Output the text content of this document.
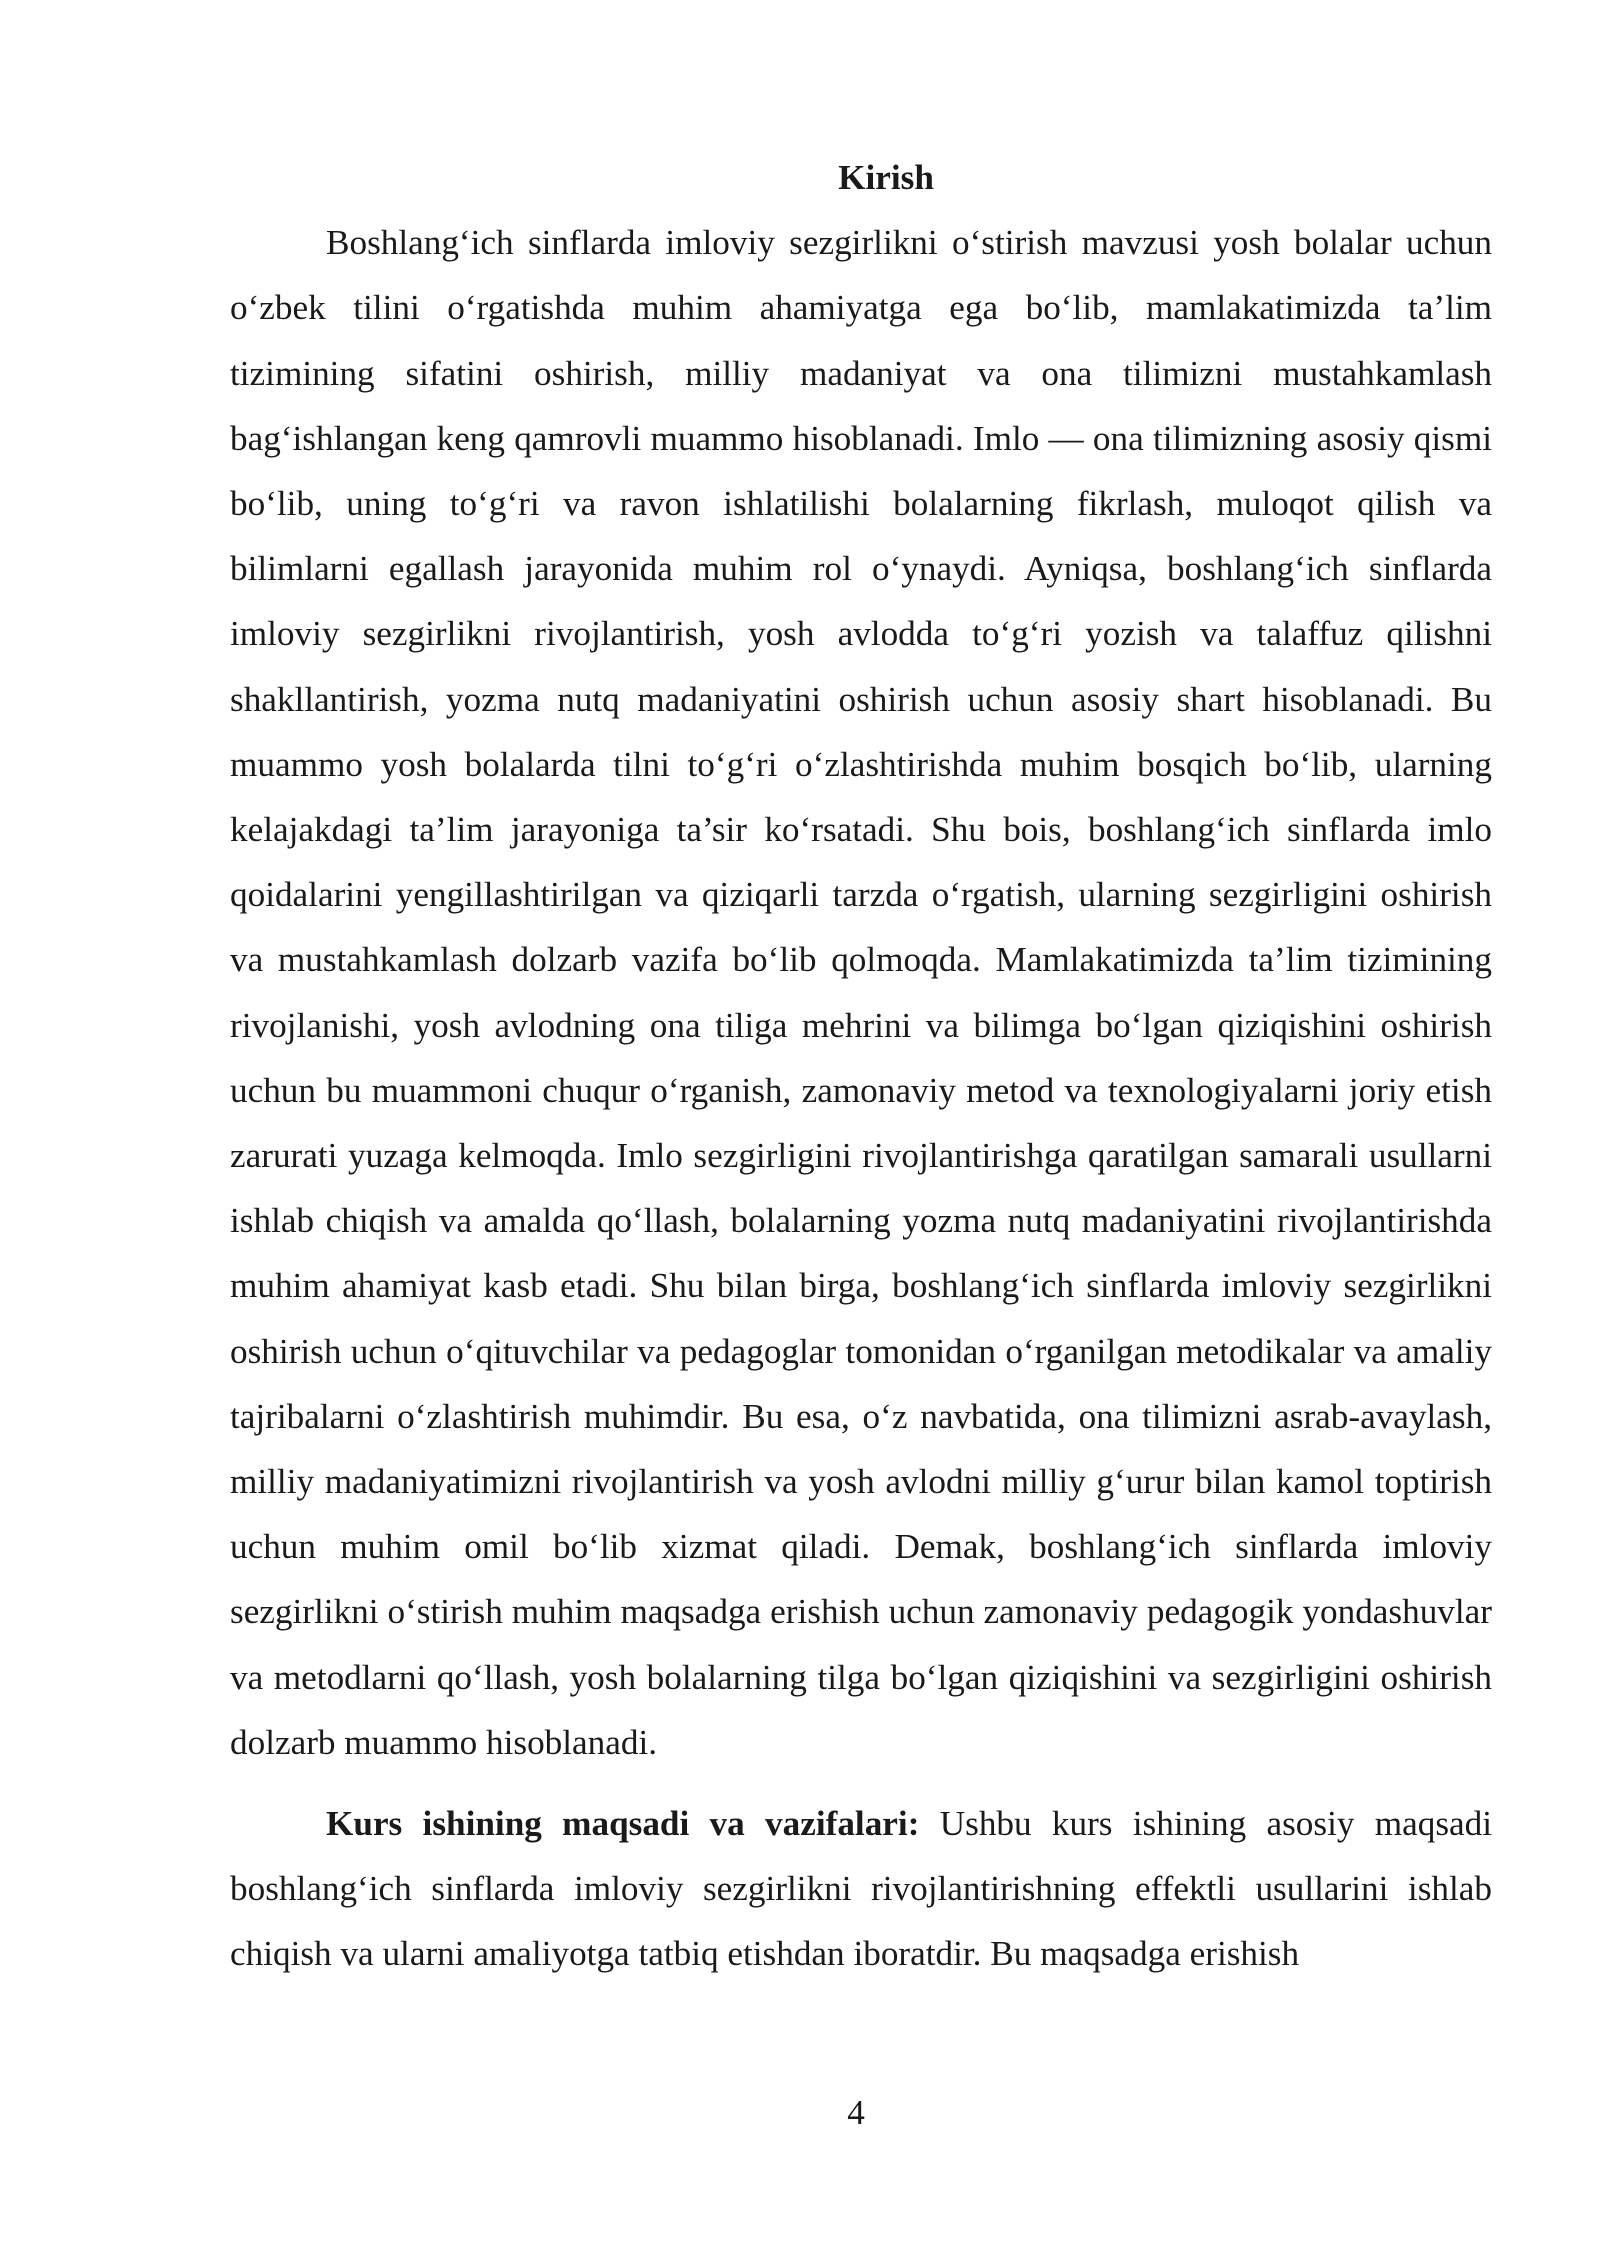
Kirish

Boshlang‘ich sinflarda imloviy sezgirlikni o‘stirish mavzusi yosh bolalar uchun o‘zbek tilini o‘rgatishda muhim ahamiyatga ega bo‘lib, mamlakatimizda ta’lim tizimining sifatini oshirish, milliy madaniyat va ona tilimizni mustahkamlash bag‘ishlangan keng qamrovli muammo hisoblanadi. Imlo — ona tilimizning asosiy qismi bo‘lib, uning to‘g‘ri va ravon ishlatilishi bolalarning fikrlash, muloqot qilish va bilimlarni egallash jarayonida muhim rol o‘ynaydi. Ayniqsa, boshlang‘ich sinflarda imloviy sezgirlikni rivojlantirish, yosh avlodda to‘g‘ri yozish va talaffuz qilishni shakllantirish, yozma nutq madaniyatini oshirish uchun asosiy shart hisoblanadi. Bu muammo yosh bolalarda tilni to‘g‘ri o‘zlashtirishda muhim bosqich bo‘lib, ularning kelajakdagi ta’lim jarayoniga ta’sir ko‘rsatadi. Shu bois, boshlang‘ich sinflarda imlo qoidalarini yengillashtirilgan va qiziqarli tarzda o‘rgatish, ularning sezgirligini oshirish va mustahkamlash dolzarb vazifa bo‘lib qolmoqda. Mamlakatimizda ta’lim tizimining rivojlanishi, yosh avlodning ona tiliga mehrini va bilimga bo‘lgan qiziqishini oshirish uchun bu muammoni chuqur o‘rganish, zamonaviy metod va texnologiyalarni joriy etish zarurati yuzaga kelmoqda. Imlo sezgirligini rivojlantirishga qaratilgan samarali usullarni ishlab chiqish va amalda qo‘llash, bolalarning yozma nutq madaniyatini rivojlantirishda muhim ahamiyat kasb etadi. Shu bilan birga, boshlang‘ich sinflarda imloviy sezgirlikni oshirish uchun o‘qituvchilar va pedagoglar tomonidan o‘rganilgan metodikalar va amaliy tajribalarni o‘zlashtirish muhimdir. Bu esa, o‘z navbatida, ona tilimizni asrab-avaylash, milliy madaniyatimizni rivojlantirish va yosh avlodni milliy g‘urur bilan kamol toptirish uchun muhim omil bo‘lib xizmat qiladi. Demak, boshlang‘ich sinflarda imloviy sezgirlikni o‘stirish muhim maqsadga erishish uchun zamonaviy pedagogik yondashuvlar va metodlarni qo‘llash, yosh bolalarning tilga bo‘lgan qiziqishini va sezgirligini oshirish dolzarb muammo hisoblanadi.

Kurs ishining maqsadi va vazifalari: Ushbu kurs ishining asosiy maqsadi boshlang‘ich sinflarda imloviy sezgirlikni rivojlantirishning effektli usullarini ishlab chiqish va ularni amaliyotga tatbiq etishdan iboratdir. Bu maqsadga erishish

4
